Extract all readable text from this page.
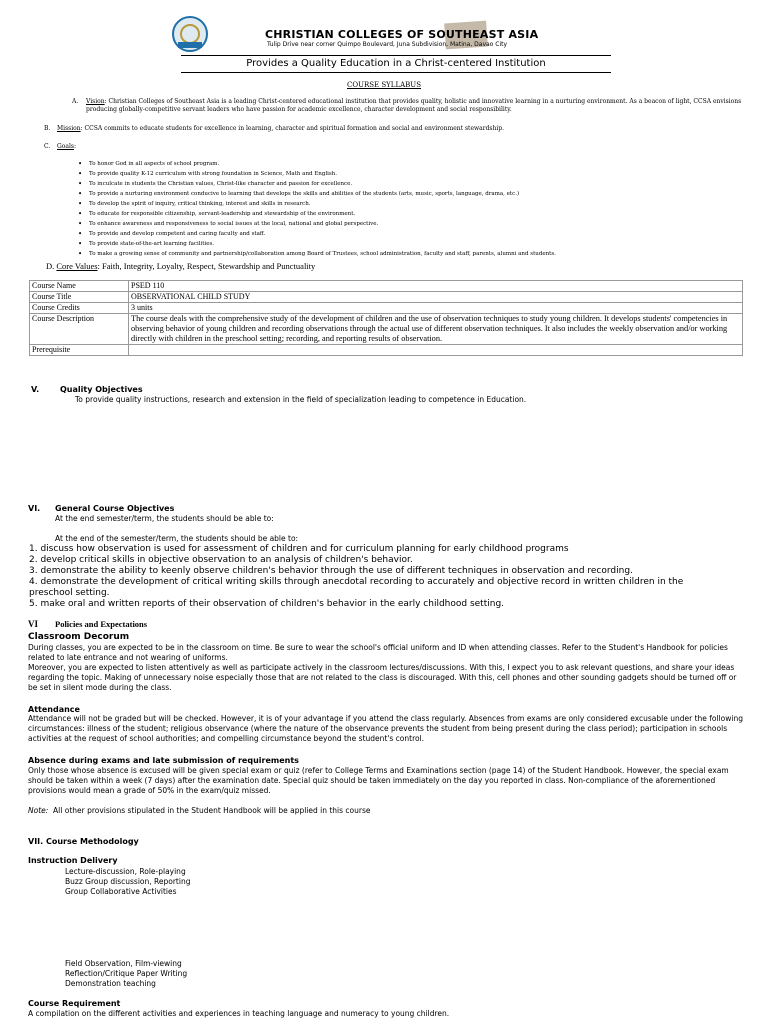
CHRISTIAN COLLEGES OF SOUTHEAST ASIA
Tulip Drive near corner Quimpo Boulevard, Juna Subdivision, Matina, Davao City
Provides a Quality Education in a Christ-centered Institution
COURSE SYLLABUS
A. Vision: Christian Colleges of Southeast Asia is a leading Christ-centered educational institution that provides quality, holistic and innovative learning in a nurturing environment. As a beacon of light, CCSA envisions producing globally-competitive servant leaders who have passion for academic excellence, character development and social responsibility.
B. Mission: CCSA commits to educate students for excellence in learning, character and spiritual formation and social and environment stewardship.
C. Goals:
• To honor God in all aspects of school program.
• To provide quality K-12 curriculum with strong foundation in Science, Math and English.
• To inculcate in students the Christian values, Christ-like character and passion for excellence.
• To provide a nurturing environment conducive to learning that develops the skills and abilities of the students (arts, music, sports, language, drama, etc.)
• To develop the spirit of inquiry, critical thinking, interest and skills in research.
• To educate for responsible citizenship, servant-leadership and stewardship of the environment.
• To enhance awareness and responsiveness to social issues at the local, national and global perspective.
• To provide and develop competent and caring faculty and staff.
• To provide state-of-the-art learning facilities.
• To make a growing sense of community and partnership/collaboration among Board of Trustees, school administration, faculty and staff, parents, alumni and students.
D. Core Values: Faith, Integrity, Loyalty, Respect, Stewardship and Punctuality
Course Name	PSED 110
Course Title	OBSERVATIONAL CHILD STUDY
Course Credits	3 units
Course Description	The course deals with the comprehensive study of the development of children and the use of observation techniques to study young children. It develops students' competencies in observing behavior of young children and recording observations through the actual use of different observation techniques. It also includes the weekly observation and/or working directly with children in the preschool setting; recording, and reporting results of observation.
Prerequisite	
V.	Quality Objectives
To provide quality instructions, research and extension in the field of specialization leading to competence in Education.
VI. General Course Objectives
At the end semester/term, the students should be able to:
At the end of the semester/term, the students should be able to:
1. discuss how observation is used for assessment of children and for curriculum planning for early childhood programs
2. develop critical skills in objective observation to an analysis of children's behavior.
3. demonstrate the ability to keenly observe children's behavior through the use of different techniques in observation and recording.
4. demonstrate the development of critical writing skills through anecdotal recording to accurately and objective record in written children in the preschool setting.
5. make oral and written reports of their observation of children's behavior in the early childhood setting.
VI Policies and Expectations
Classroom Decorum
During classes, you are expected to be in the classroom on time. Be sure to wear the school's official uniform and ID when attending classes. Refer to the Student's Handbook for policies related to late entrance and not wearing of uniforms.
Moreover, you are expected to listen attentively as well as participate actively in the classroom lectures/discussions. With this, I expect you to ask relevant questions, and share your ideas regarding the topic. Making of unnecessary noise especially those that are not related to the class is discouraged. With this, cell phones and other sounding gadgets should be turned off or be set in silent mode during the class.
Attendance
Attendance will not be graded but will be checked. However, it is of your advantage if you attend the class regularly. Absences from exams are only considered excusable under the following circumstances: illness of the student; religious observance (where the nature of the observance prevents the student from being present during the class period); participation in schools activities at the request of school authorities; and compelling circumstance beyond the student's control.
Absence during exams and late submission of requirements
Only those whose absence is excused will be given special exam or quiz (refer to College Terms and Examinations section (page 14) of the Student Handbook. However, the special exam should be taken within a week (7 days) after the examination date. Special quiz should be taken immediately on the day you reported in class. Non-compliance of the aforementioned provisions would mean a grade of 50% in the exam/quiz missed.
Note:  All other provisions stipulated in the Student Handbook will be applied in this course
VII. Course Methodology
Instruction Delivery
Lecture-discussion, Role-playing
Buzz Group discussion, Reporting
Group Collaborative Activities
Field Observation, Film-viewing
Reflection/Critique Paper Writing
Demonstration teaching
Course Requirement
A compilation on the different activities and experiences in teaching language and numeracy to young children.
